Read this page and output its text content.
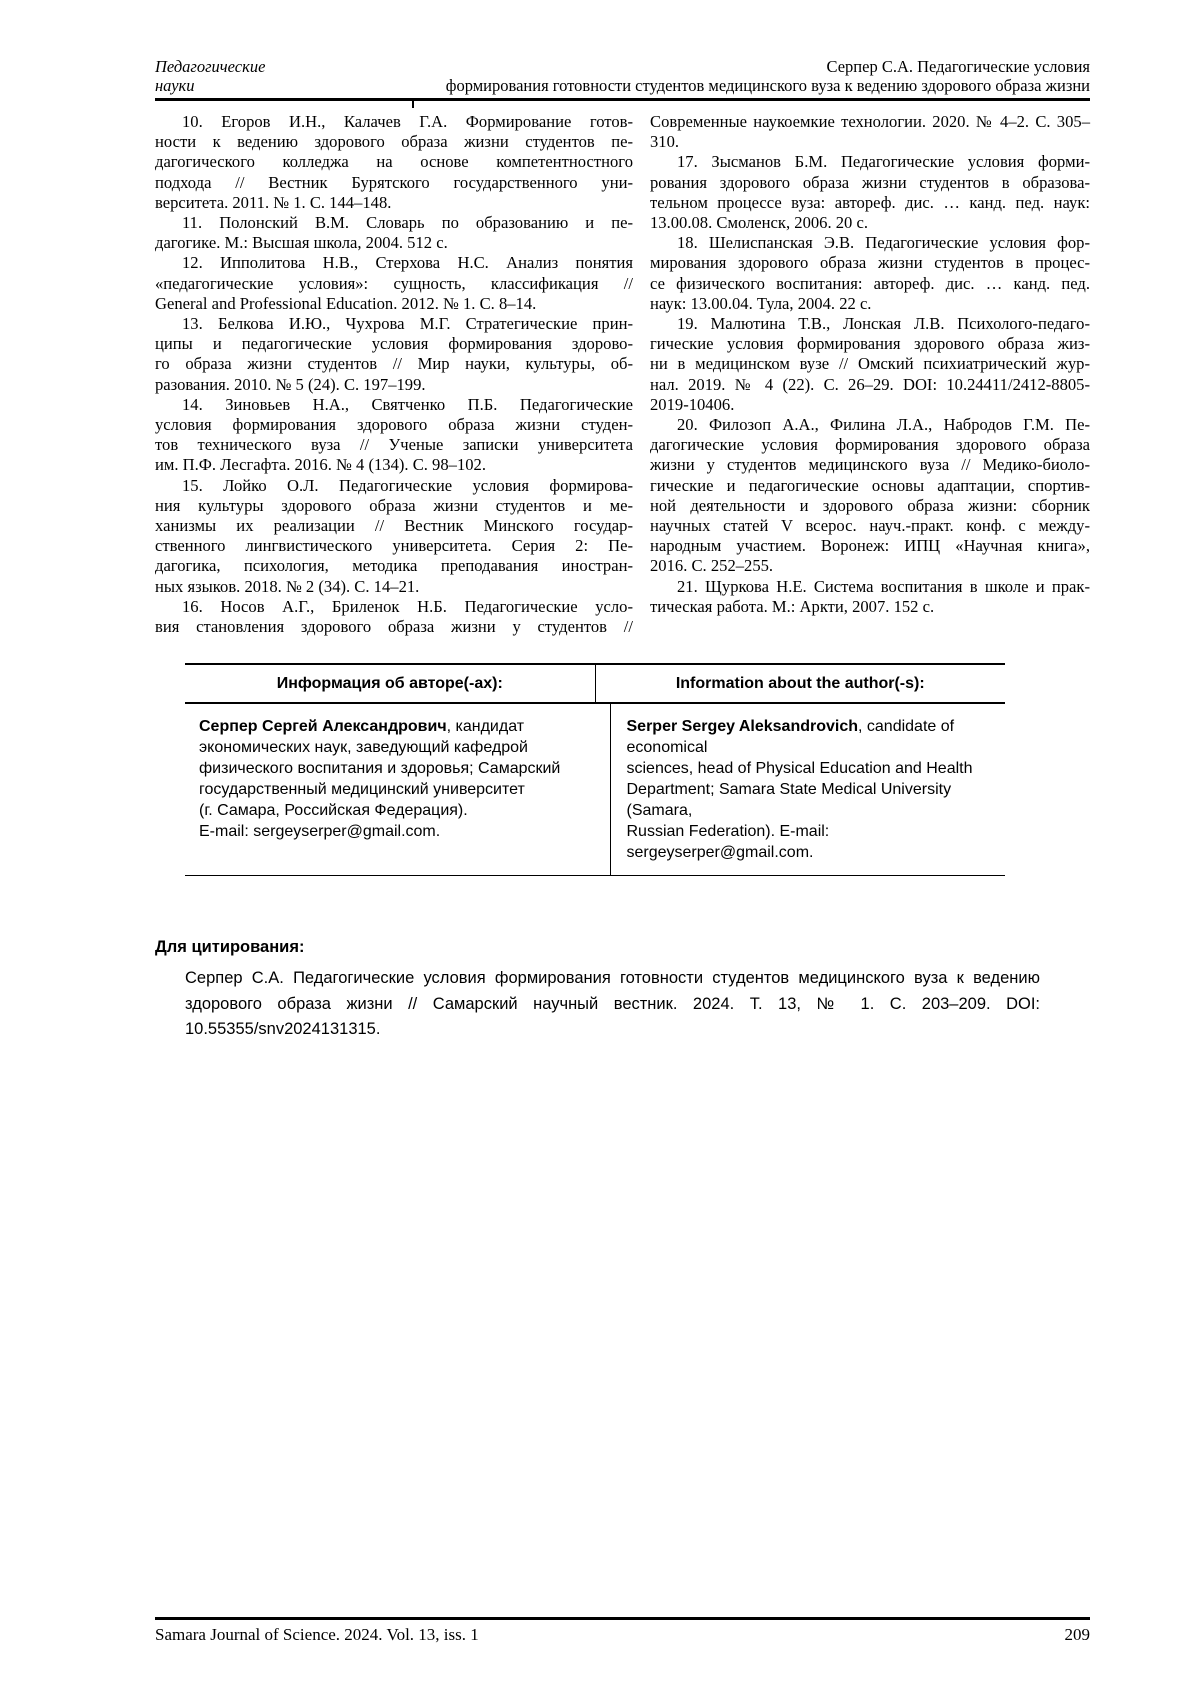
Педагогические
науки
Серпер С.А. Педагогические условия
формирования готовности студентов медицинского вуза к ведению здорового образа жизни
10. Егоров И.Н., Калачев Г.А. Формирование готов-
ности к ведению здорового образа жизни студентов пе-
дагогического колледжа на основе компетентностного
подхода // Вестник Бурятского государственного уни-
верситета. 2011. № 1. С. 144–148.
11. Полонский В.М. Словарь по образованию и пе-
дагогике. М.: Высшая школа, 2004. 512 с.
12. Ипполитова Н.В., Стерхова Н.С. Анализ понятия
«педагогические условия»: сущность, классификация //
General and Professional Education. 2012. № 1. С. 8–14.
13. Белкова И.Ю., Чухрова М.Г. Стратегические прин-
ципы и педагогические условия формирования здорово-
го образа жизни студентов // Мир науки, культуры, об-
разования. 2010. № 5 (24). С. 197–199.
14. Зиновьев Н.А., Святченко П.Б. Педагогические
условия формирования здорового образа жизни студен-
тов технического вуза // Ученые записки университета
им. П.Ф. Лесгафта. 2016. № 4 (134). С. 98–102.
15. Лойко О.Л. Педагогические условия формирова-
ния культуры здорового образа жизни студентов и ме-
ханизмы их реализации // Вестник Минского государ-
ственного лингвистического университета. Серия 2: Пе-
дагогика, психология, методика преподавания иностран-
ных языков. 2018. № 2 (34). С. 14–21.
16. Носов А.Г., Бриленок Н.Б. Педагогические усло-
вия становления здорового образа жизни у студентов //
Современные наукоемкие технологии. 2020. № 4–2. С. 305–
310.
17. Зысманов Б.М. Педагогические условия форми-
рования здорового образа жизни студентов в образова-
тельном процессе вуза: автореф. дис. … канд. пед. наук:
13.00.08. Смоленск, 2006. 20 с.
18. Шелиспанская Э.В. Педагогические условия фор-
мирования здорового образа жизни студентов в процес-
се физического воспитания: автореф. дис. … канд. пед.
наук: 13.00.04. Тула, 2004. 22 с.
19. Малютина Т.В., Лонская Л.В. Психолого-педаго-
гические условия формирования здорового образа жиз-
ни в медицинском вузе // Омский психиатрический жур-
нал. 2019. № 4 (22). С. 26–29. DOI: 10.24411/2412-8805-
2019-10406.
20. Филозоп А.А., Филина Л.А., Набродов Г.М. Пе-
дагогические условия формирования здорового образа
жизни у студентов медицинского вуза // Медико-биоло-
гические и педагогические основы адаптации, спортив-
ной деятельности и здорового образа жизни: сборник
научных статей V всерос. науч.-практ. конф. с между-
народным участием. Воронеж: ИПЦ «Научная книга»,
2016. С. 252–255.
21. Щуркова Н.Е. Система воспитания в школе и прак-
тическая работа. М.: Аркти, 2007. 152 с.
Информация об авторе(-ах):	Information about the author(-s):
Серпер Сергей Александрович, кандидат
экономических наук, заведующий кафедрой
физического воспитания и здоровья; Самарский
государственный медицинский университет
(г. Самара, Российская Федерация).
E-mail: sergeyserper@gmail.com.
Serper Sergey Aleksandrovich, candidate of economical
sciences, head of Physical Education and Health
Department; Samara State Medical University (Samara,
Russian Federation). E-mail: sergeyserper@gmail.com.
Для цитирования:

Серпер С.А. Педагогические условия формирования готовности студентов медицинского вуза к ведению здорового образа жизни // Самарский научный вестник. 2024. Т. 13, № 1. С. 203–209. DOI: 10.55355/snv2024131315.

Samara Journal of Science. 2024. Vol. 13, iss. 1	209
